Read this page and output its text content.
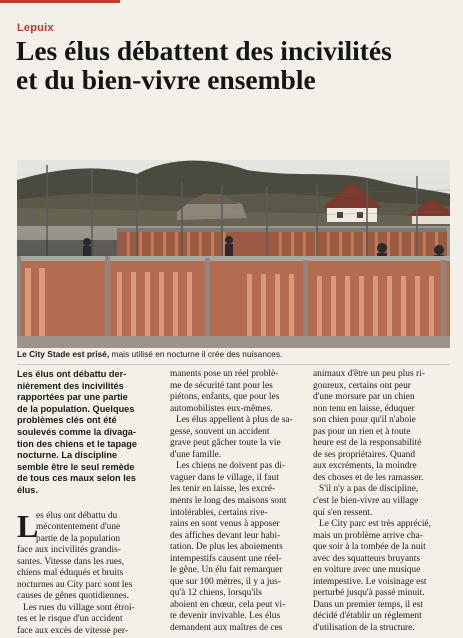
Lepuix
Les élus débattent des incivilités
et du bien-vivre ensemble
Le City Stade est prisé, mais utilisé en nocturne il crée des nuisances.
Les élus ont débattu der-
nièrement des incivilités
rapportées par une partie
de la population. Quelques
problèmes clés ont été
soulevés comme la divaga-
tion des chiens et le tapage
nocturne. La discipline
semble être le seul remède
de tous ces maux selon les
élus.
L
es élus ont débattu du
mécontentement d'une
partie de la population
face aux incivilités grandis-
santes. Vitesse dans les rues,
chiens mal éduqués et bruits
nocturnes au City parc sont les
causes de gênes quotidiennes.
Les rues du village sont étroi-
tes et le risque d'un accident
face aux excès de vitesse per-
manents pose un réel problè-
me de sécurité tant pour les
piétons, enfants, que pour les
automobilistes eux-mêmes.
Les élus appellent à plus de sa-
gesse, souvent un accident
grave peut gâcher toute la vie
d'une famille.
Les chiens ne doivent pas di-
vaguer dans le village, il faut
les tenir en laisse, les excré-
ments le long des maisons sont
intolérables, certains rive-
rains en sont venus à apposer
des affiches devant leur habi-
tation. De plus les aboiements
intempestifs causent une réel-
le gêne. Un élu fait remarquer
que sur 100 mètres, il y a jus-
qu'à 12 chiens, lorsqu'ils
aboient en chœur, cela peut vi-
te devenir invivable. Les élus
demandent aux maîtres de ces
animaux d'être un peu plus ri-
goureux, certains ont peur
d'une morsure par un chien
non tenu en laisse, éduquer
son chien pour qu'il n'aboie
pas pour un rien et à toute
heure est de la responsabilité
de ses propriétaires. Quand
aux excréments, la moindre
des choses et de les ramasser.
S'il n'y a pas de discipline,
c'est le bien-vivre au village
qui s'en ressent.
Le City parc est très apprécié,
mais un problème arrive cha-
que soir à la tombée de la nuit
avec des squatteurs bruyants
en voiture avec une musique
intempestive. Le voisinage est
perturbé jusqu'à passé minuit.
Dans un premier temps, il est
décidé d'établir un règlement
d'utilisation de la structure.
